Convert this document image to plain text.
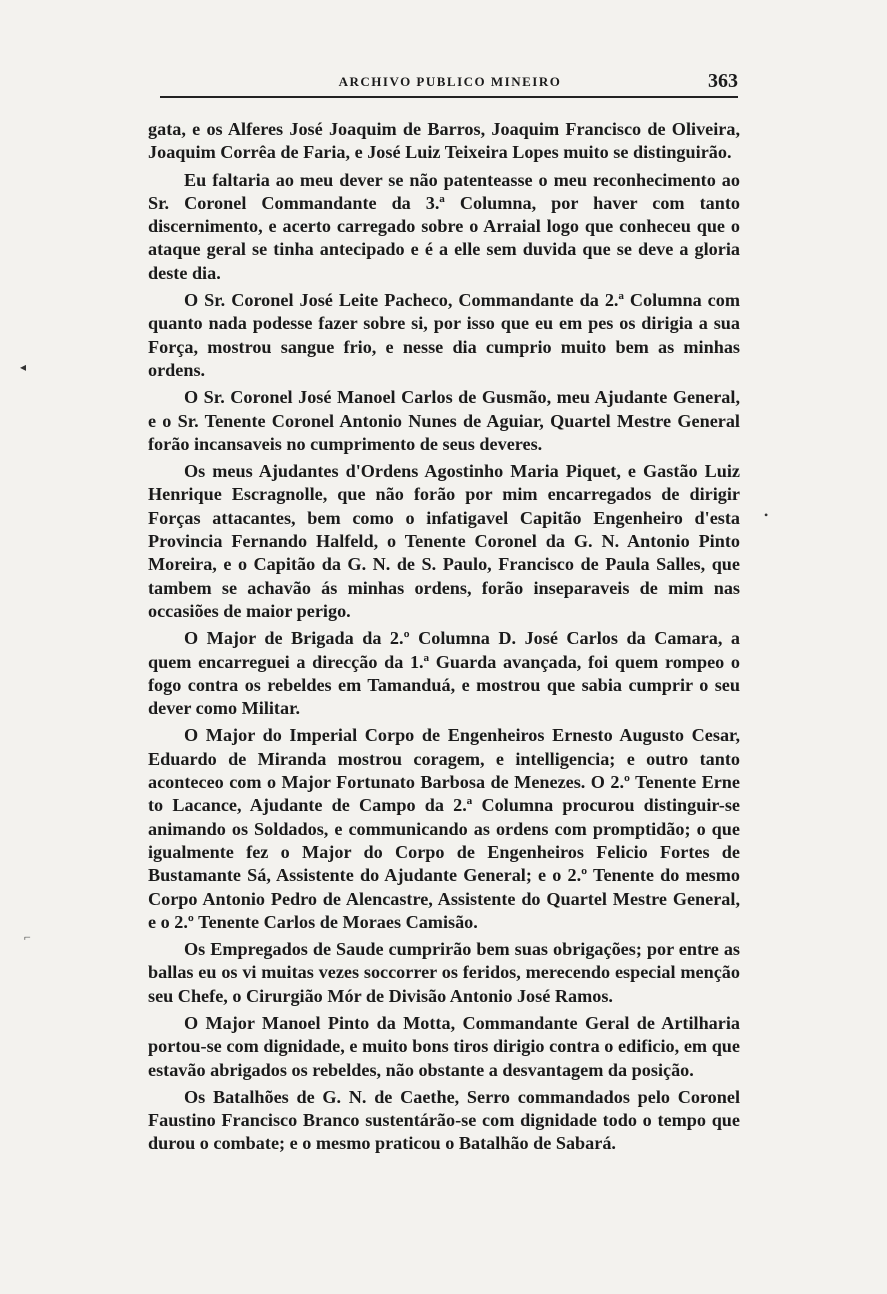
ARCHIVO PUBLICO MINEIRO	363

gata, e os Alferes José Joaquim de Barros, Joaquim Francisco de Oliveira, Joaquim Corrêa de Faria, e José Luiz Teixeira Lopes muito se distinguirão.

Eu faltaria ao meu dever se não patenteasse o meu reconhecimento ao Sr. Coronel Commandante da 3.ª Columna, por haver com tanto discernimento, e acerto carregado sobre o Arraial logo que conheceu que o ataque geral se tinha antecipado e é a elle sem duvida que se deve a gloria deste dia.

O Sr. Coronel José Leite Pacheco, Commandante da 2.ª Columna com quanto nada podesse fazer sobre si, por isso que eu em pes os dirigia a sua Força, mostrou sangue frio, e nesse dia cumprio muito bem as minhas ordens.

O Sr. Coronel José Manoel Carlos de Gusmão, meu Ajudante General, e o Sr. Tenente Coronel Antonio Nunes de Aguiar, Quartel Mestre General forão incansaveis no cumprimento de seus deveres.

Os meus Ajudantes d'Ordens Agostinho Maria Piquet, e Gastão Luiz Henrique Escragnolle, que não forão por mim encarregados de dirigir Forças attacantes, bem como o infatigavel Capitão Engenheiro d'esta Provincia Fernando Halfeld, o Tenente Coronel da G. N. Antonio Pinto Moreira, e o Capitão da G. N. de S. Paulo, Francisco de Paula Salles, que tambem se achavão ás minhas ordens, forão inseparaveis de mim nas occasiões de maior perigo.

O Major de Brigada da 2.º Columna D. José Carlos da Camara, a quem encarreguei a direcção da 1.ª Guarda avançada, foi quem rompeo o fogo contra os rebeldes em Tamanduá, e mostrou que sabia cumprir o seu dever como Militar.

O Major do Imperial Corpo de Engenheiros Ernesto Augusto Cesar, Eduardo de Miranda mostrou coragem, e intelligencia; e outro tanto aconteceo com o Major Fortunato Barbosa de Menezes. O 2.º Tenente Erne to Lacance, Ajudante de Campo da 2.ª Columna procurou distinguir-se animando os Soldados, e communicando as ordens com promptidão; o que igualmente fez o Major do Corpo de Engenheiros Felicio Fortes de Bustamante Sá, Assistente do Ajudante General; e o 2.º Tenente do mesmo Corpo Antonio Pedro de Alencastre, Assistente do Quartel Mestre General, e o 2.º Tenente Carlos de Moraes Camisão.

Os Empregados de Saude cumprirão bem suas obrigações; por entre as ballas eu os vi muitas vezes soccorrer os feridos, merecendo especial menção seu Chefe, o Cirurgião Mór de Divisão Antonio José Ramos.

O Major Manoel Pinto da Motta, Commandante Geral de Artilharia portou-se com dignidade, e muito bons tiros dirigio contra o edificio, em que estavão abrigados os rebeldes, não obstante a desvantagem da posição.

Os Batalhões de G. N. de Caethe, Serro commandados pelo Coronel Faustino Francisco Branco sustentárão-se com dignidade todo o tempo que durou o combate; e o mesmo praticou o Batalhão de Sabará.

◂
⌐
•
